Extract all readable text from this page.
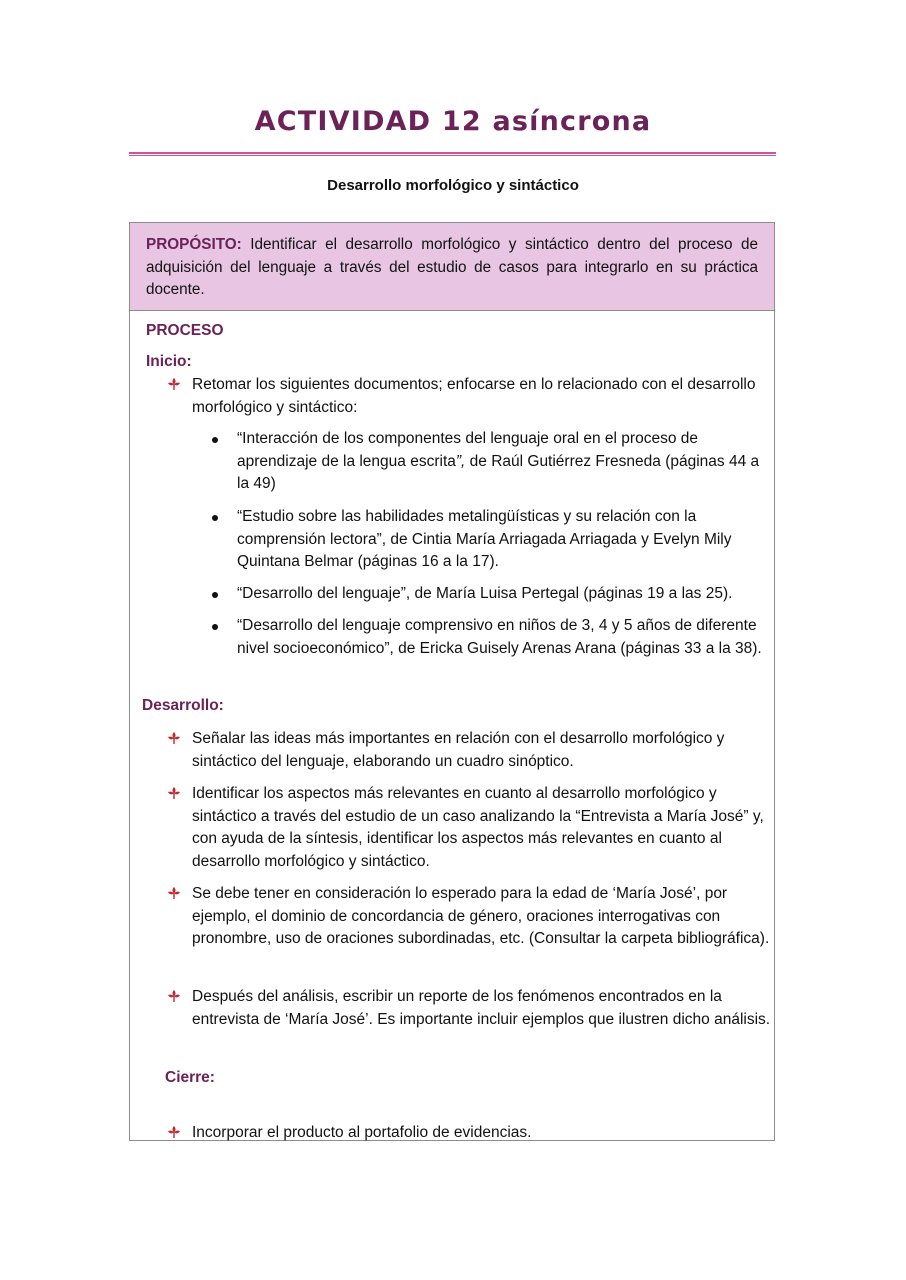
ACTIVIDAD 12 asíncrona
Desarrollo morfológico y sintáctico
PROPÓSITO: Identificar el desarrollo morfológico y sintáctico dentro del proceso de adquisición del lenguaje a través del estudio de casos para integrarlo en su práctica docente.
PROCESO
Inicio:
Retomar los siguientes documentos; enfocarse en lo relacionado con el desarrollo morfológico y sintáctico:
“Interacción de los componentes del lenguaje oral en el proceso de aprendizaje de la lengua escrita”, de Raúl Gutiérrez Fresneda (páginas 44 a la 49)
“Estudio sobre las habilidades metalingüísticas y su relación con la comprensión lectora”, de Cintia María Arriagada Arriagada y Evelyn Mily Quintana Belmar (páginas 16 a la 17).
“Desarrollo del lenguaje”, de María Luisa Pertegal (páginas 19 a las 25).
“Desarrollo del lenguaje comprensivo en niños de 3, 4 y 5 años de diferente nivel socioeconómico”, de Ericka Guisely Arenas Arana (páginas 33 a la 38).
Desarrollo:
Señalar las ideas más importantes en relación con el desarrollo morfológico y sintáctico del lenguaje, elaborando un cuadro sinóptico.
Identificar los aspectos más relevantes en cuanto al desarrollo morfológico y sintáctico a través del estudio de un caso analizando la “Entrevista a María José” y, con ayuda de la síntesis, identificar los aspectos más relevantes en cuanto al desarrollo morfológico y sintáctico.
Se debe tener en consideración lo esperado para la edad de ‘María José’, por ejemplo, el dominio de concordancia de género, oraciones interrogativas con pronombre, uso de oraciones subordinadas, etc. (Consultar la carpeta bibliográfica).
Después del análisis, escribir un reporte de los fenómenos encontrados en la entrevista de ‘María José’. Es importante incluir ejemplos que ilustren dicho análisis.
Cierre:
Incorporar el producto al portafolio de evidencias.
